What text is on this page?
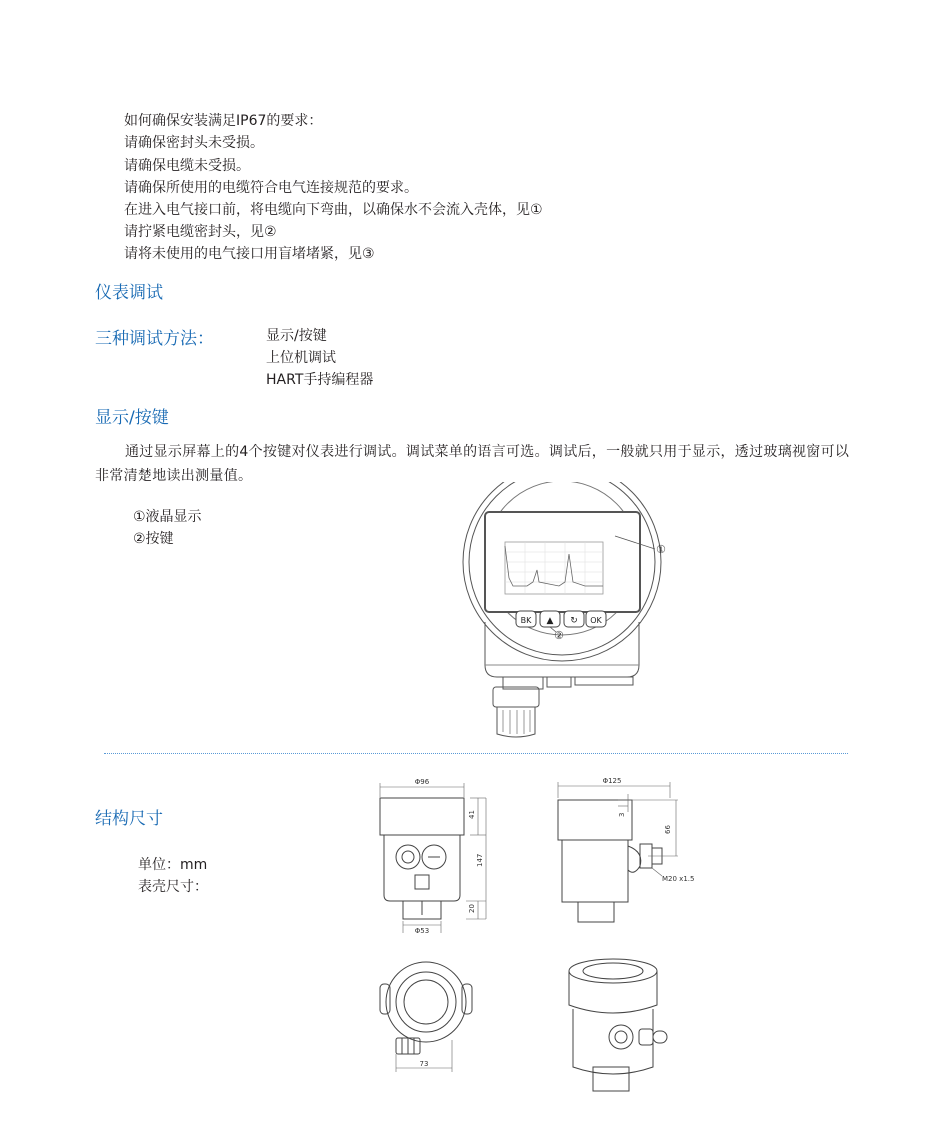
如何确保安装满足IP67的要求：
请确保密封头未受损。
请确保电缆未受损。
请确保所使用的电缆符合电气连接规范的要求。
在进入电气接口前，将电缆向下弯曲，以确保水不会流入壳体，见①
请拧紧电缆密封头，见②
请将未使用的电气接口用盲堵堵紧，见③
仪表调试
三种调试方法：	显示/按键
上位机调试
HART手持编程器
显示/按键
通过显示屏幕上的4个按键对仪表进行调试。调试菜单的语言可选。调试后，一般就只用于显示，透过玻璃视窗可以非常清楚地读出测量值。
①液晶显示
②按键
BK ▲ ↻ OK
①
②
结构尺寸
单位：mm
表壳尺寸：
Φ96
41
147
20
Φ53
Φ125
3
66
M20 x1.5
73
